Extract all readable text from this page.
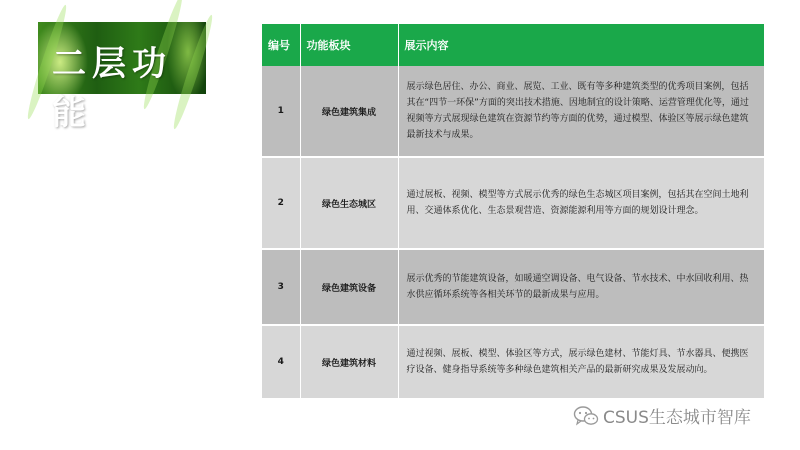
二层功能
编号	功能板块	展示内容
1	绿色建筑集成	展示绿色居住、办公、商业、展览、工业、既有等多种建筑类型的优秀项目案例，包括其在“四节一环保”方面的突出技术措施、因地制宜的设计策略、运营管理优化等，通过视频等方式展现绿色建筑在资源节约等方面的优势，通过模型、体验区等展示绿色建筑最新技术与成果。
2	绿色生态城区	通过展板、视频、模型等方式展示优秀的绿色生态城区项目案例，包括其在空间土地利用、交通体系优化、生态景观营造、资源能源利用等方面的规划设计理念。
3	绿色建筑设备	展示优秀的节能建筑设备，如暖通空调设备、电气设备、节水技术、中水回收利用、热水供应循环系统等各相关环节的最新成果与应用。
4	绿色建筑材料	通过视频、展板、模型、体验区等方式，展示绿色建材、节能灯具、节水器具、便携医疗设备、健身指导系统等多种绿色建筑相关产品的最新研究成果及发展动向。
CSUS生态城市智库
